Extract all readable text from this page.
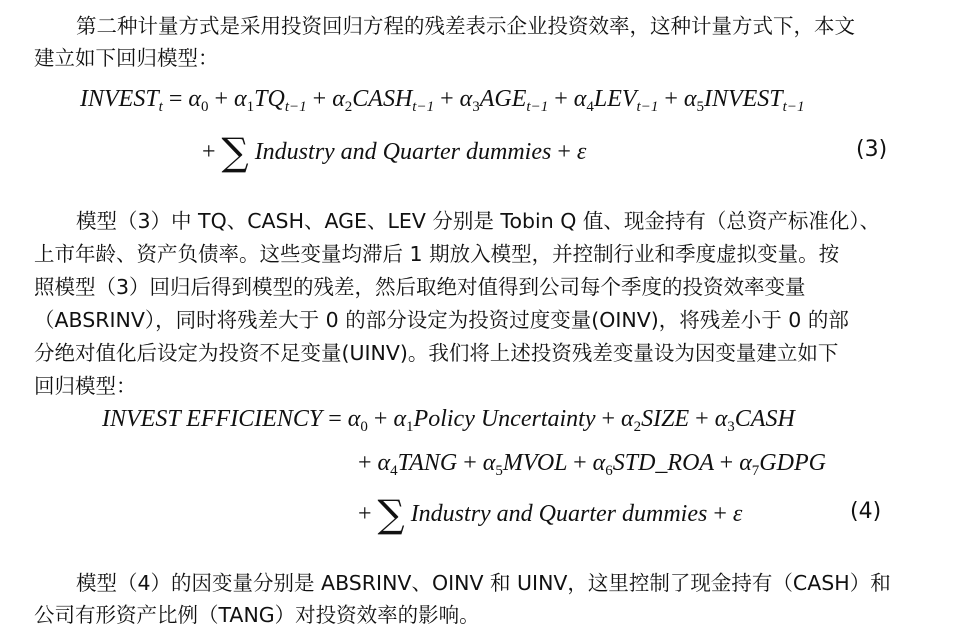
第二种计量方式是采用投资回归方程的残差表示企业投资效率，这种计量方式下，本文
建立如下回归模型：
$INVEST_t = \alpha_0 + \alpha_1TQ_{t-1}$ + $\alpha_2CASH_{t-1} + \alpha_3AGE_{t-1} + \alpha_4LEV_{t-1}$ + $\alpha_5INVEST_{t-1}$
+ ∑ Industry and Quarter dummies + ε	(3)
模型（3）中 TQ、CASH、AGE、LEV 分别是 Tobin Q 值、现金持有（总资产标准化）、
上市年龄、资产负债率。这些变量均滞后 1 期放入模型，并控制行业和季度虚拟变量。按
照模型（3）回归后得到模型的残差，然后取绝对值得到公司每个季度的投资效率变量
（ABSRINV），同时将残差大于 0 的部分设定为投资过度变量(OINV)，将残差小于 0 的部
分绝对值化后设定为投资不足变量(UINV)。我们将上述投资残差变量设为因变量建立如下
回归模型：
INVEST EFFICIENCY = $\alpha_0$ + $\alpha_1Policy$ Uncertainty + $\alpha_2SIZE$ + $\alpha_3CASH$
+ $\alpha_4TANG$ + $\alpha_5MVOL$ + $\alpha_6STD\_ROA$ + $\alpha_7GDPG$
+ ∑ Industry and Quarter dummies + ε	(4)
模型（4）的因变量分别是 ABSRINV、OINV 和 UINV，这里控制了现金持有（CASH）和
公司有形资产比例（TANG）对投资效率的影响。
